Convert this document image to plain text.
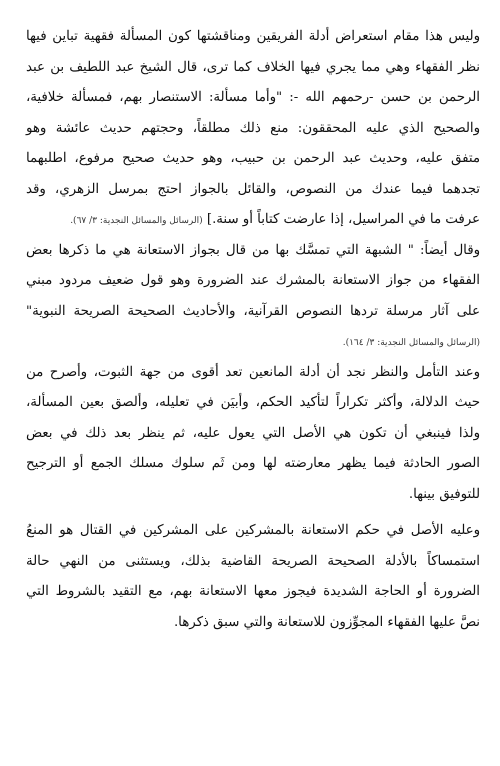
وليس هذا مقام استعراض أدلة الفريقين ومناقشتها كون المسألة فقهية تباين فيها
نظر الفقهاء وهي مما يجري فيها الخلاف كما ترى، قال الشيخ عبد اللطيف بن عبد
الرحمن بن حسن -رحمهم الله -: "وأما مسألة: الاستنصار بهم، فمسألة خلافية،
والصحيح الذي عليه المحققون: منع ذلك مطلقاً، وحجتهم حديث عائشة وهو
متفق عليه، وحديث عبد الرحمن بن حبيب، وهو حديث صحيح مرفوع، اطلبهما
تجدهما فيما عندك من النصوص، والقائل بالجواز احتج بمرسل الزهري، وقد
عرفت ما في المراسيل، إذا عارضت كتاباً أو سنة.] (الرسائل والمسائل النجدية: ٣/ ٦٧).
وقال أيضاً: " الشبهة التي تمسَّك بها من قال بجواز الاستعانة هي ما ذكرها بعض
الفقهاء من جواز الاستعانة بالمشرك عند الضرورة وهو قول ضعيف مردود مبني
على آثار مرسلة تردها النصوص القرآنية، والأحاديث الصحيحة الصريحة النبوية"
(الرسائل والمسائل النجدية: ٣/ ١٦٤).
وعند التأمل والنظر نجد أن أدلة المانعين تعد أقوى من جهة الثبوت، وأصرح من
حيث الدلالة، وأكثر تكراراً لتأكيد الحكم، وأبيَن في تعليله، وألصق بعين المسألة،
ولذا فينبغي أن تكون هي الأصل التي يعول عليه، ثم ينظر بعد ذلك في بعض
الصور الحادثة فيما يظهر معارضته لها ومن ثَم سلوك مسلك الجمع أو الترجيح
للتوفيق بينها.
وعليه الأصل في حكم الاستعانة بالمشركين على المشركين في القتال هو المنعُ
استمساكاً بالأدلة الصحيحة الصريحة القاضية بذلك، ويستثنى من النهي حالة
الضرورة أو الحاجة الشديدة فيجوز معها الاستعانة بهم، مع التقيد بالشروط التي
نصَّ عليها الفقهاء المجوِّزون للاستعانة والتي سبق ذكرها.
